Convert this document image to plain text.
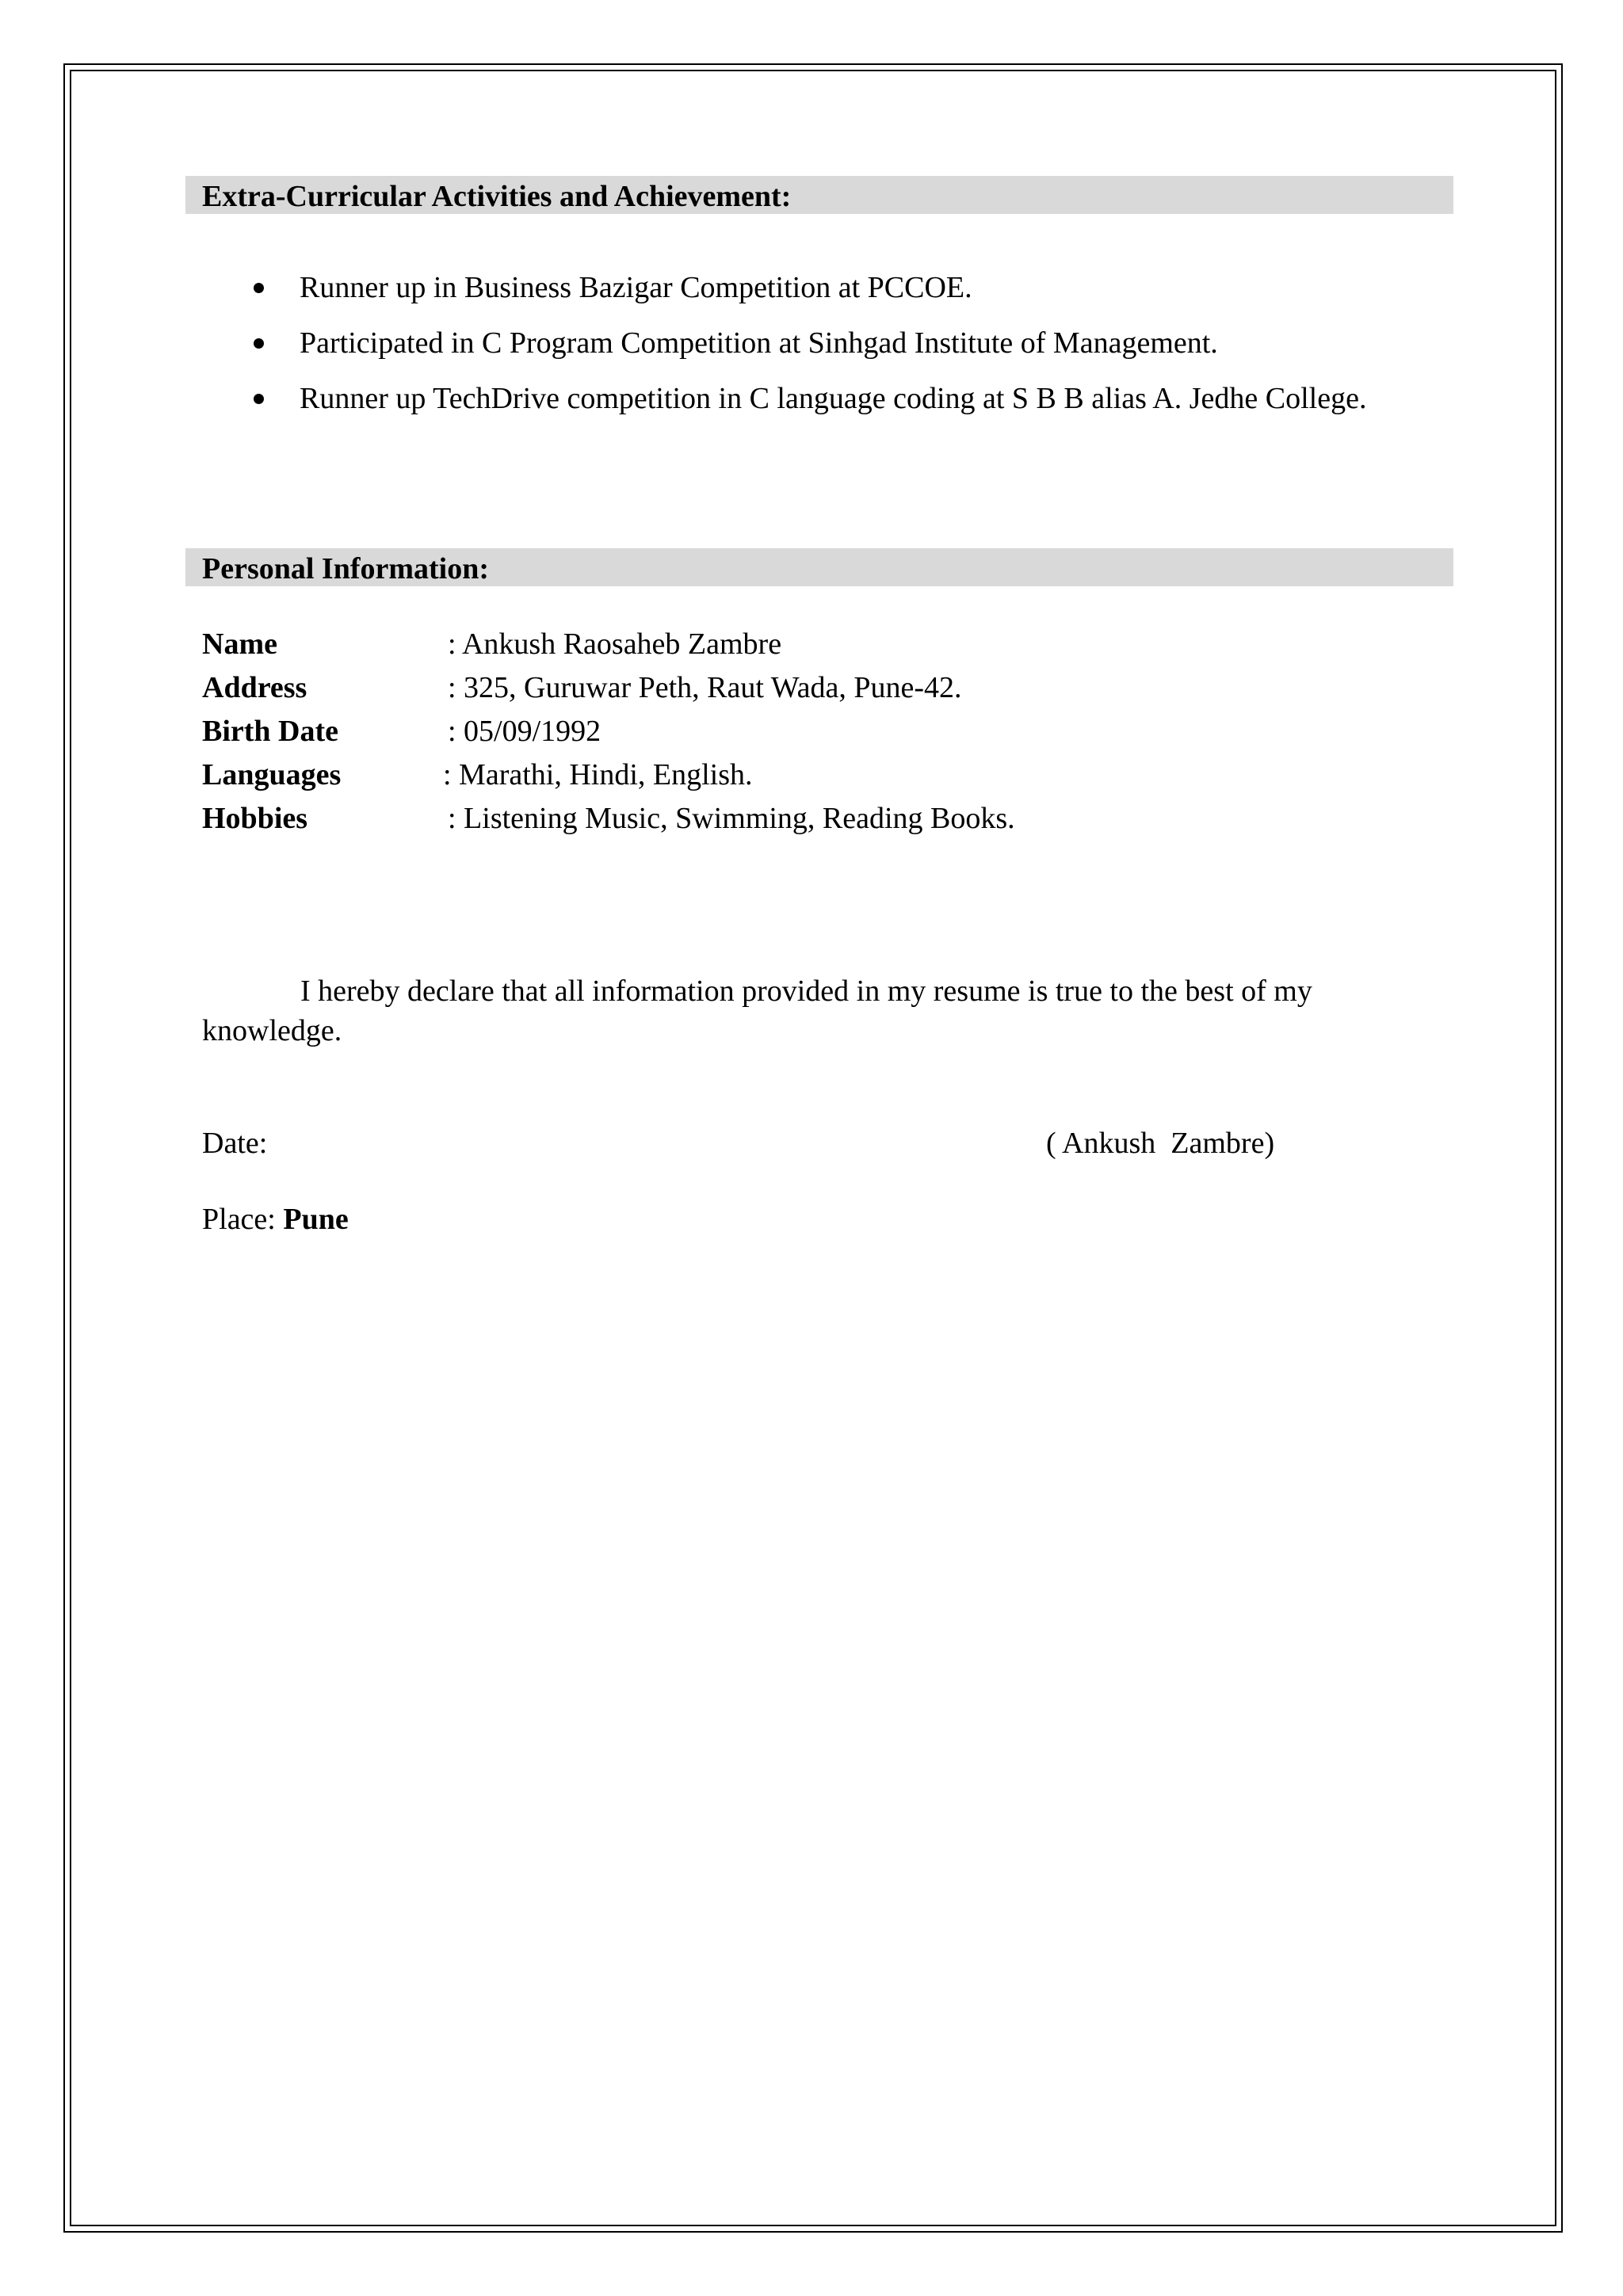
Extra-Curricular Activities and Achievement:
Runner up in Business Bazigar Competition at PCCOE.
Participated in C Program Competition at Sinhgad Institute of Management.
Runner up TechDrive competition in C language coding at S B B alias A. Jedhe College.
Personal Information:
Name	: Ankush Raosaheb Zambre
Address	: 325, Guruwar Peth, Raut Wada, Pune-42.
Birth Date	: 05/09/1992
Languages	: Marathi, Hindi, English.
Hobbies	: Listening Music, Swimming, Reading Books.

I hereby declare that all information provided in my resume is true to the best of my knowledge.

Date:	( Ankush  Zambre)
Place: Pune
